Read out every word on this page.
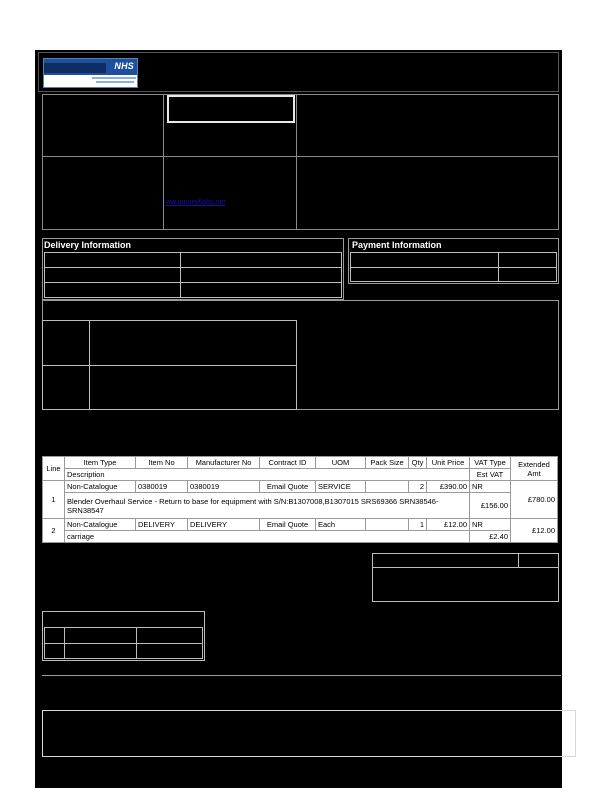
NHS
ww.tanneyflabs.net
Delivery Information

		Payment Information

Line	Item Type	Item No	Manufacturer No	Contract ID	UOM	Pack Size	Qty	Unit Price	VAT Type	Extended Amt
	Description								Est VAT	
1	Non-Catalogue	0380019	0380019	Email Quote	SERVICE		2	£390.00	NR	£780.00
	Blender Overhaul Service - Return to base for equipment with S/N:B1307008,B1307015 SRS69366 SRN38546-SRN38547								£156.00	
2	Non-Catalogue	DELIVERY	DELIVERY	Email Quote	Each		1	£12.00	NR	£12.00
	carriage								£2.40	
